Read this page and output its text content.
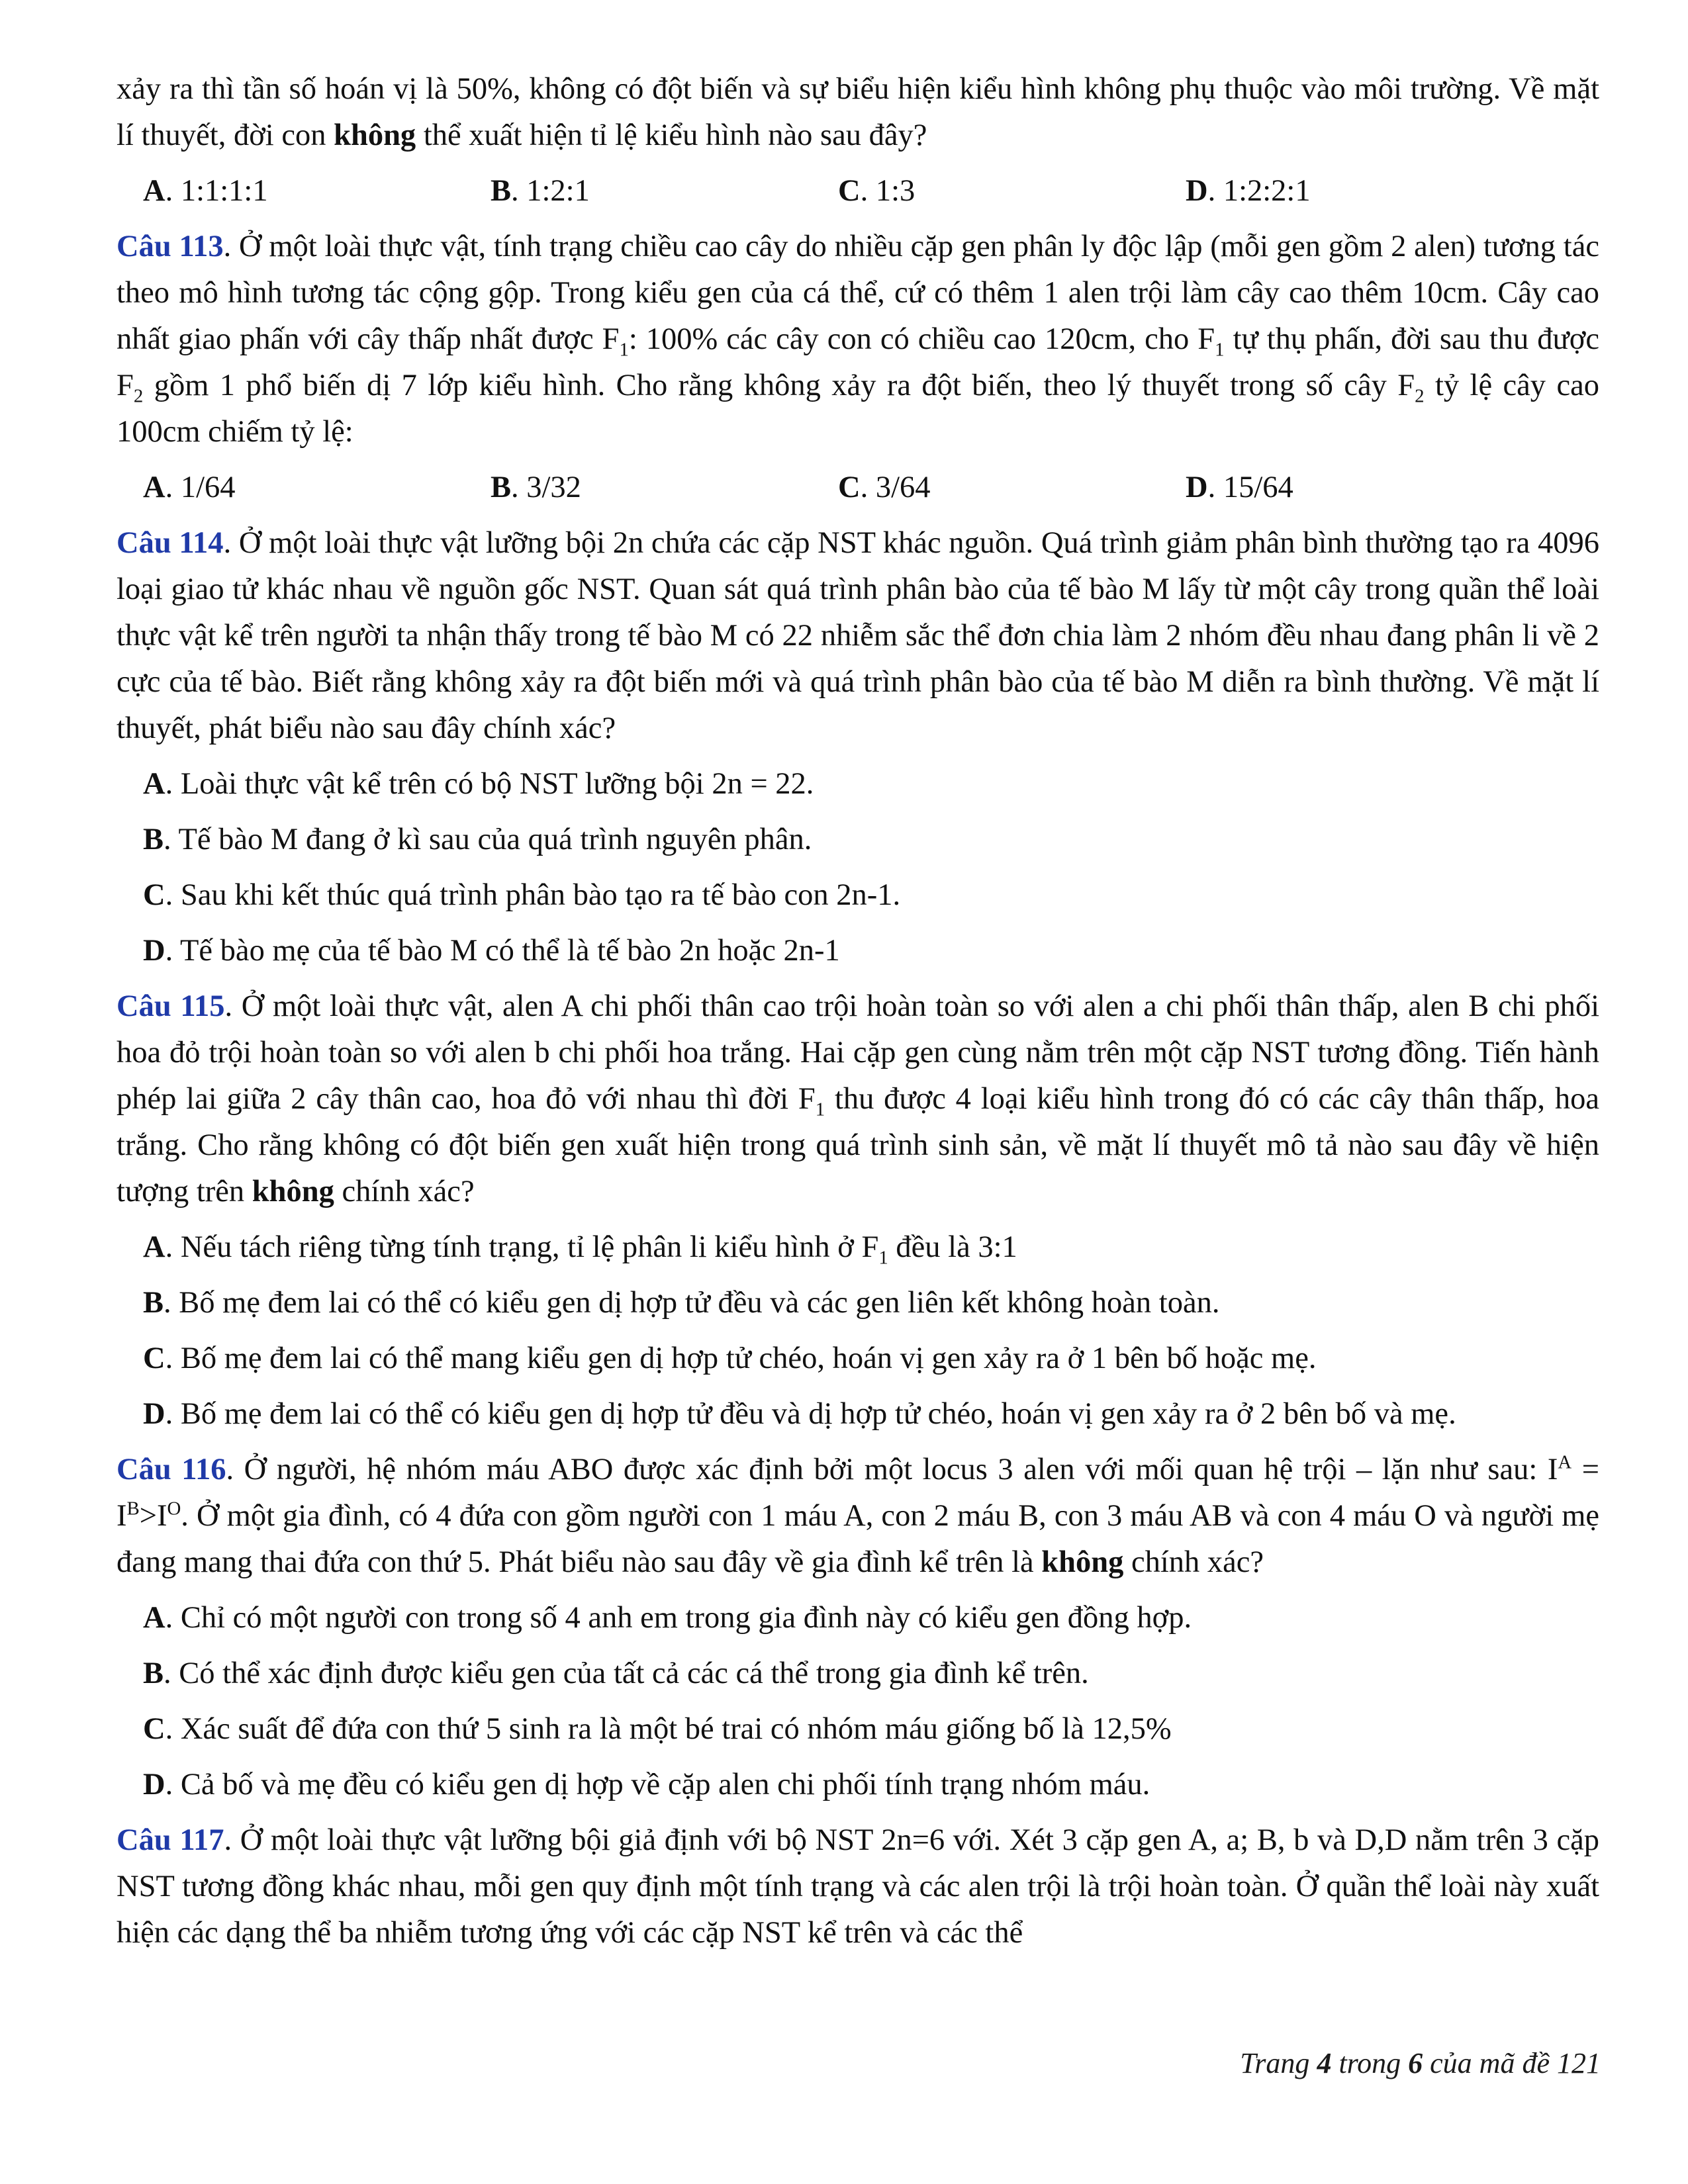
xảy ra thì tần số hoán vị là 50%, không có đột biến và sự biểu hiện kiểu hình không phụ thuộc vào môi trường. Về mặt lí thuyết, đời con không thể xuất hiện tỉ lệ kiểu hình nào sau đây?

A. 1:1:1:1	B. 1:2:1	C. 1:3	D. 1:2:2:1

Câu 113. Ở một loài thực vật, tính trạng chiều cao cây do nhiều cặp gen phân ly độc lập (mỗi gen gồm 2 alen) tương tác theo mô hình tương tác cộng gộp. Trong kiểu gen của cá thể, cứ có thêm 1 alen trội làm cây cao thêm 10cm. Cây cao nhất giao phấn với cây thấp nhất được $F_1$: 100% các cây con có chiều cao 120cm, cho $F_1$ tự thụ phấn, đời sau thu được $F_2$ gồm 1 phổ biến dị 7 lớp kiểu hình. Cho rằng không xảy ra đột biến, theo lý thuyết trong số cây $F_2$ tỷ lệ cây cao 100cm chiếm tỷ lệ:

A. 1/64	B. 3/32	C. 3/64	D. 15/64

Câu 114. Ở một loài thực vật lưỡng bội 2n chứa các cặp NST khác nguồn. Quá trình giảm phân bình thường tạo ra 4096 loại giao tử khác nhau về nguồn gốc NST. Quan sát quá trình phân bào của tế bào M lấy từ một cây trong quần thể loài thực vật kể trên người ta nhận thấy trong tế bào M có 22 nhiễm sắc thể đơn chia làm 2 nhóm đều nhau đang phân li về 2 cực của tế bào. Biết rằng không xảy ra đột biến mới và quá trình phân bào của tế bào M diễn ra bình thường. Về mặt lí thuyết, phát biểu nào sau đây chính xác?

A. Loài thực vật kể trên có bộ NST lưỡng bội 2n = 22.
B. Tế bào M đang ở kì sau của quá trình nguyên phân.
C. Sau khi kết thúc quá trình phân bào tạo ra tế bào con 2n-1.
D. Tế bào mẹ của tế bào M có thể là tế bào 2n hoặc 2n-1

Câu 115. Ở một loài thực vật, alen A chi phối thân cao trội hoàn toàn so với alen a chi phối thân thấp, alen B chi phối hoa đỏ trội hoàn toàn so với alen b chi phối hoa trắng. Hai cặp gen cùng nằm trên một cặp NST tương đồng. Tiến hành phép lai giữa 2 cây thân cao, hoa đỏ với nhau thì đời $F_1$ thu được 4 loại kiểu hình trong đó có các cây thân thấp, hoa trắng. Cho rằng không có đột biến gen xuất hiện trong quá trình sinh sản, về mặt lí thuyết mô tả nào sau đây về hiện tượng trên không chính xác?

A. Nếu tách riêng từng tính trạng, tỉ lệ phân li kiểu hình ở $F_1$ đều là 3:1
B. Bố mẹ đem lai có thể có kiểu gen dị hợp tử đều và các gen liên kết không hoàn toàn.
C. Bố mẹ đem lai có thể mang kiểu gen dị hợp tử chéo, hoán vị gen xảy ra ở 1 bên bố hoặc mẹ.
D. Bố mẹ đem lai có thể có kiểu gen dị hợp tử đều và dị hợp tử chéo, hoán vị gen xảy ra ở 2 bên bố và mẹ.

Câu 116. Ở người, hệ nhóm máu ABO được xác định bởi một locus 3 alen với mối quan hệ trội – lặn như sau: $I^A = I^B>I^O$. Ở một gia đình, có 4 đứa con gồm người con 1 máu A, con 2 máu B, con 3 máu AB và con 4 máu O và người mẹ đang mang thai đứa con thứ 5. Phát biểu nào sau đây về gia đình kể trên là không chính xác?

A. Chỉ có một người con trong số 4 anh em trong gia đình này có kiểu gen đồng hợp.
B. Có thể xác định được kiểu gen của tất cả các cá thể trong gia đình kể trên.
C. Xác suất để đứa con thứ 5 sinh ra là một bé trai có nhóm máu giống bố là 12,5%
D. Cả bố và mẹ đều có kiểu gen dị hợp về cặp alen chi phối tính trạng nhóm máu.

Câu 117. Ở một loài thực vật lưỡng bội giả định với bộ NST 2n=6 với. Xét 3 cặp gen A, a; B, b và D,D nằm trên 3 cặp NST tương đồng khác nhau, mỗi gen quy định một tính trạng và các alen trội là trội hoàn toàn. Ở quần thể loài này xuất hiện các dạng thể ba nhiễm tương ứng với các cặp NST kể trên và các thể

Trang 4 trong 6 của mã đề 121
